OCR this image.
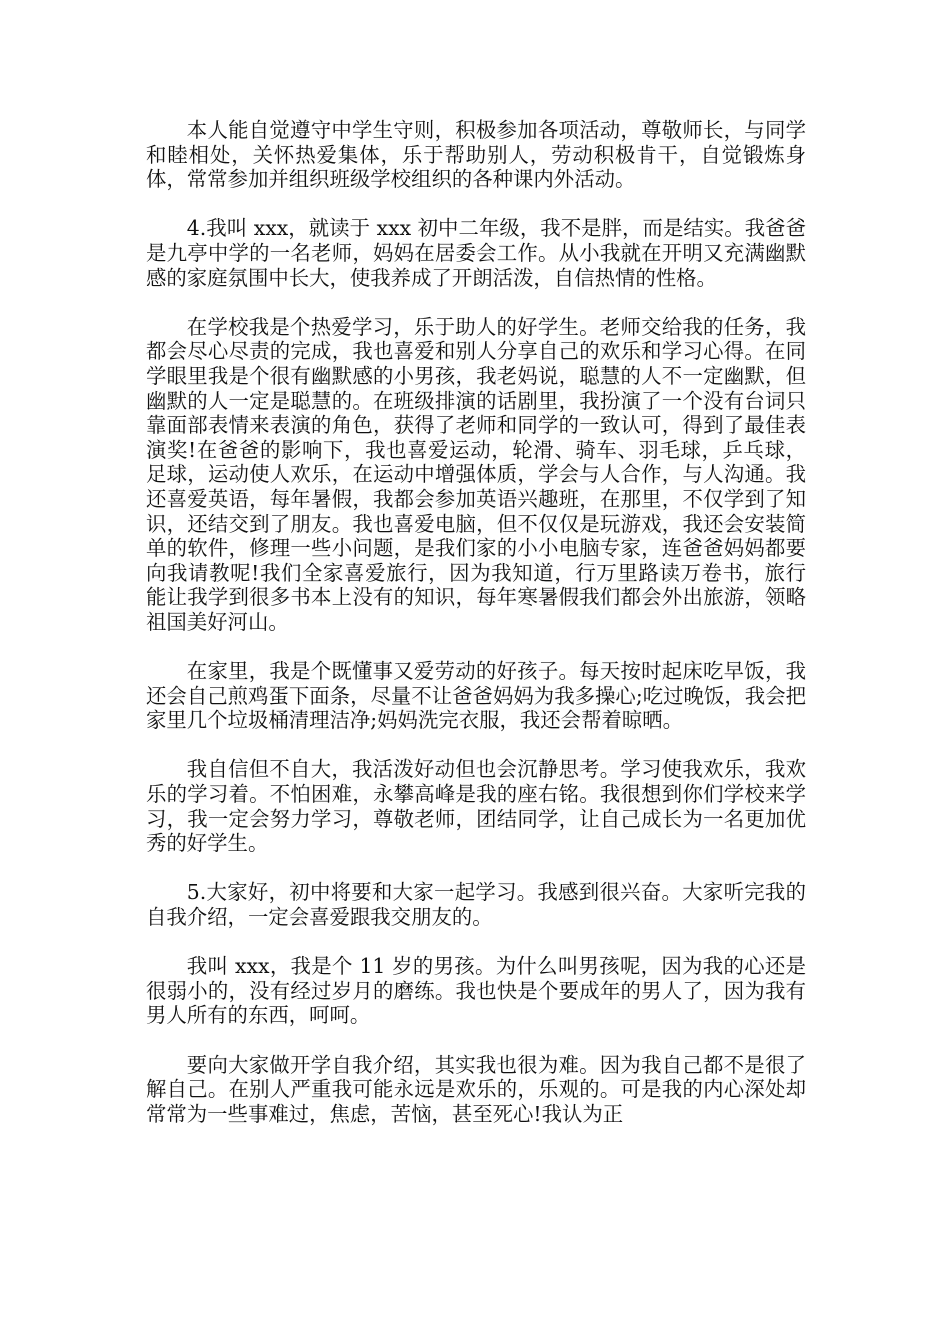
本人能自觉遵守中学生守则，积极参加各项活动，尊敬师长，与同学和睦相处，关怀热爱集体，乐于帮助别人，劳动积极肯干，自觉锻炼身体，常常参加并组织班级学校组织的各种课内外活动。

4.我叫 xxx，就读于 xxx 初中二年级，我不是胖，而是结实。我爸爸是九亭中学的一名老师，妈妈在居委会工作。从小我就在开明又充满幽默感的家庭氛围中长大，使我养成了开朗活泼，自信热情的性格。

在学校我是个热爱学习，乐于助人的好学生。老师交给我的任务，我都会尽心尽责的完成，我也喜爱和别人分享自己的欢乐和学习心得。在同学眼里我是个很有幽默感的小男孩，我老妈说，聪慧的人不一定幽默，但幽默的人一定是聪慧的。在班级排演的话剧里，我扮演了一个没有台词只靠面部表情来表演的角色，获得了老师和同学的一致认可，得到了最佳表演奖!在爸爸的影响下，我也喜爱运动，轮滑、骑车、羽毛球，乒乓球，足球，运动使人欢乐，在运动中增强体质，学会与人合作，与人沟通。我还喜爱英语，每年暑假，我都会参加英语兴趣班，在那里，不仅学到了知识，还结交到了朋友。我也喜爱电脑，但不仅仅是玩游戏，我还会安装简单的软件，修理一些小问题，是我们家的小小电脑专家，连爸爸妈妈都要向我请教呢!我们全家喜爱旅行，因为我知道，行万里路读万卷书，旅行能让我学到很多书本上没有的知识，每年寒暑假我们都会外出旅游，领略祖国美好河山。

在家里，我是个既懂事又爱劳动的好孩子。每天按时起床吃早饭，我还会自己煎鸡蛋下面条，尽量不让爸爸妈妈为我多操心;吃过晚饭，我会把家里几个垃圾桶清理洁净;妈妈洗完衣服，我还会帮着晾晒。

我自信但不自大，我活泼好动但也会沉静思考。学习使我欢乐，我欢乐的学习着。不怕困难，永攀高峰是我的座右铭。我很想到你们学校来学习，我一定会努力学习，尊敬老师，团结同学，让自己成长为一名更加优秀的好学生。

5.大家好，初中将要和大家一起学习。我感到很兴奋。大家听完我的自我介绍，一定会喜爱跟我交朋友的。

我叫 xxx，我是个 11 岁的男孩。为什么叫男孩呢，因为我的心还是很弱小的，没有经过岁月的磨练。我也快是个要成年的男人了，因为我有男人所有的东西，呵呵。

要向大家做开学自我介绍，其实我也很为难。因为我自己都不是很了解自己。在别人严重我可能永远是欢乐的，乐观的。可是我的内心深处却常常为一些事难过，焦虑，苦恼，甚至死心!我认为正
